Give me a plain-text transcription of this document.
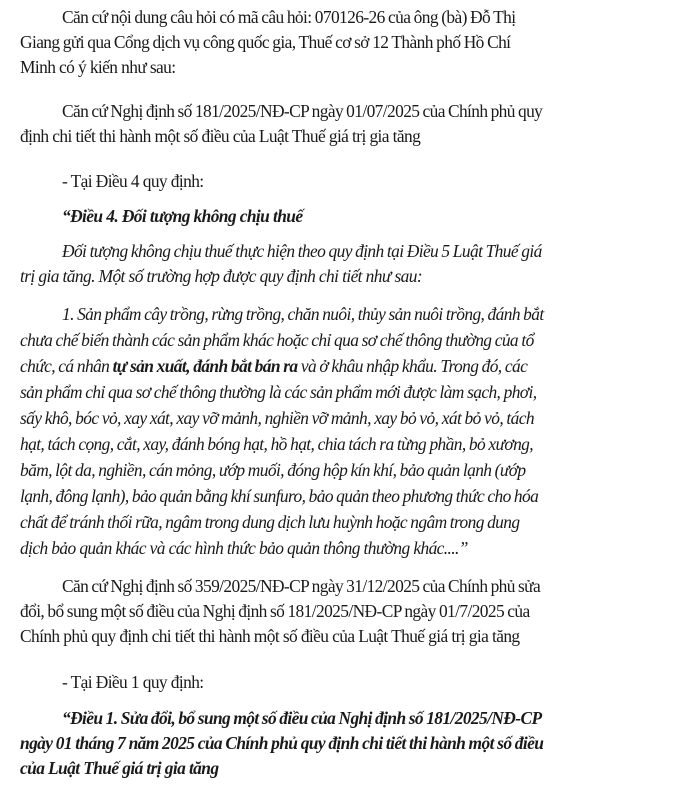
Căn cứ nội dung câu hỏi có mã câu hỏi: 070126-26 của ông (bà) Đỗ Thị
Giang gửi qua Cổng dịch vụ công quốc gia, Thuế cơ sở 12 Thành phố Hồ Chí
Minh có ý kiến như sau:
Căn cứ Nghị định số 181/2025/NĐ-CP ngày 01/07/2025 của Chính phủ quy
định chi tiết thi hành một số điều của Luật Thuế giá trị gia tăng
- Tại Điều 4 quy định:
“Điều 4. Đối tượng không chịu thuế
Đối tượng không chịu thuế thực hiện theo quy định tại Điều 5 Luật Thuế giá
trị gia tăng. Một số trường hợp được quy định chi tiết như sau:
1. Sản phẩm cây trồng, rừng trồng, chăn nuôi, thủy sản nuôi trồng, đánh bắt
chưa chế biến thành các sản phẩm khác hoặc chỉ qua sơ chế thông thường của tổ
chức, cá nhân tự sản xuất, đánh bắt bán ra và ở khâu nhập khẩu. Trong đó, các
sản phẩm chỉ qua sơ chế thông thường là các sản phẩm mới được làm sạch, phơi,
sấy khô, bóc vỏ, xay xát, xay vỡ mảnh, nghiền vỡ mảnh, xay bỏ vỏ, xát bỏ vỏ, tách
hạt, tách cọng, cắt, xay, đánh bóng hạt, hồ hạt, chia tách ra từng phần, bỏ xương,
băm, lột da, nghiền, cán mỏng, ướp muối, đóng hộp kín khí, bảo quản lạnh (ướp
lạnh, đông lạnh), bảo quản bằng khí sunfuro, bảo quản theo phương thức cho hóa
chất để tránh thối rữa, ngâm trong dung dịch lưu huỳnh hoặc ngâm trong dung
dịch bảo quản khác và các hình thức bảo quản thông thường khác....”
Căn cứ Nghị định số 359/2025/NĐ-CP ngày 31/12/2025 của Chính phủ sửa
đổi, bổ sung một số điều của Nghị định số 181/2025/NĐ-CP ngày 01/7/2025 của
Chính phủ quy định chi tiết thi hành một số điều của Luật Thuế giá trị gia tăng
- Tại Điều 1 quy định:
“Điều 1. Sửa đổi, bổ sung một số điều của Nghị định số 181/2025/NĐ-CP
ngày 01 tháng 7 năm 2025 của Chính phủ quy định chi tiết thi hành một số điều
của Luật Thuế giá trị gia tăng
